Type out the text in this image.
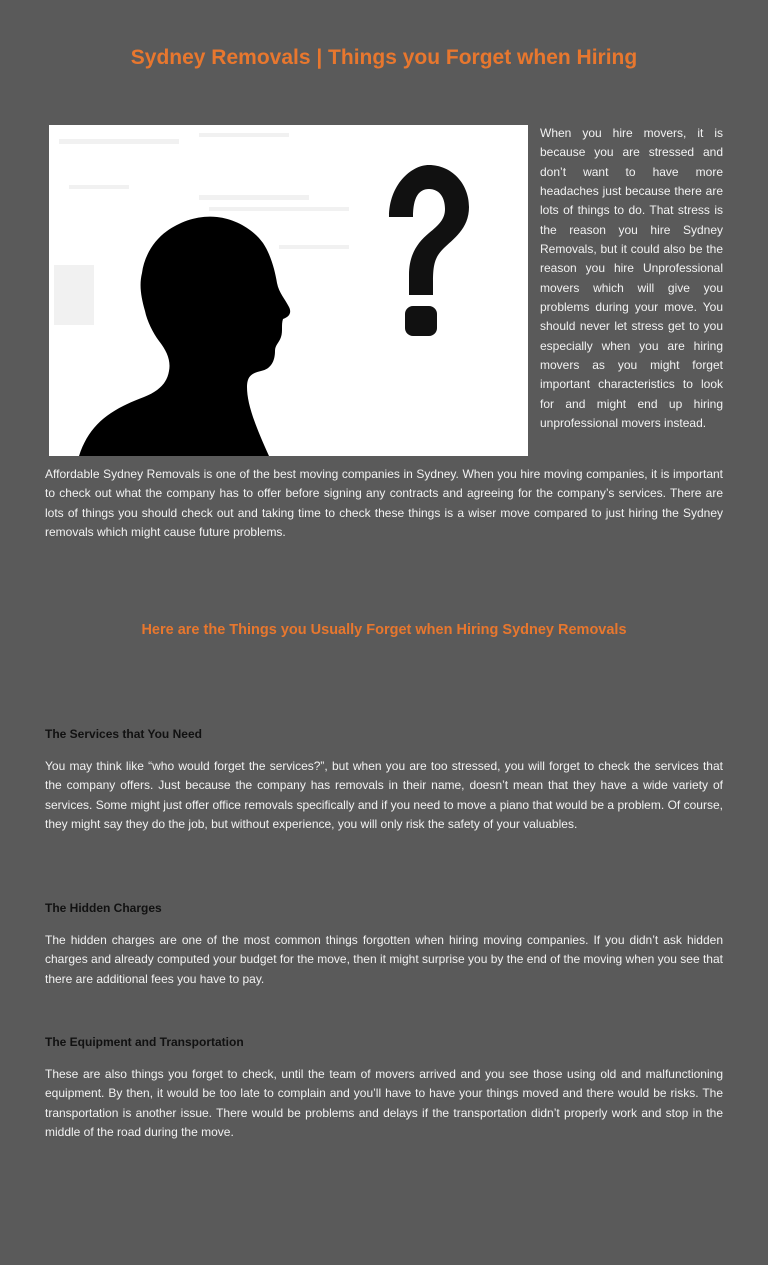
Sydney Removals | Things you Forget when Hiring

When you hire movers, it is because you are stressed and don’t want to have more headaches just because there are lots of things to do. That stress is the reason you hire Sydney Removals, but it could also be the reason you hire Unprofessional movers which will give you problems during your move. You should never let stress get to you especially when you are hiring movers as you might forget important characteristics to look for and might end up hiring unprofessional movers instead.

Affordable Sydney Removals is one of the best moving companies in Sydney. When you hire moving companies, it is important to check out what the company has to offer before signing any contracts and agreeing for the company’s services. There are lots of things you should check out and taking time to check these things is a wiser move compared to just hiring the Sydney removals which might cause future problems.

Here are the Things you Usually Forget when Hiring Sydney Removals
The Services that You Need

You may think like “who would forget the services?”, but when you are too stressed, you will forget to check the services that the company offers. Just because the company has removals in their name, doesn’t mean that they have a wide variety of services. Some might just offer office removals specifically and if you need to move a piano that would be a problem. Of course, they might say they do the job, but without experience, you will only risk the safety of your valuables.

The Hidden Charges

The hidden charges are one of the most common things forgotten when hiring moving companies. If you didn’t ask hidden charges and already computed your budget for the move, then it might surprise you by the end of the moving when you see that there are additional fees you have to pay.

The Equipment and Transportation

These are also things you forget to check, until the team of movers arrived and you see those using old and malfunctioning equipment. By then, it would be too late to complain and you’ll have to have your things moved and there would be risks. The transportation is another issue. There would be problems and delays if the transportation didn’t properly work and stop in the middle of the road during the move.
